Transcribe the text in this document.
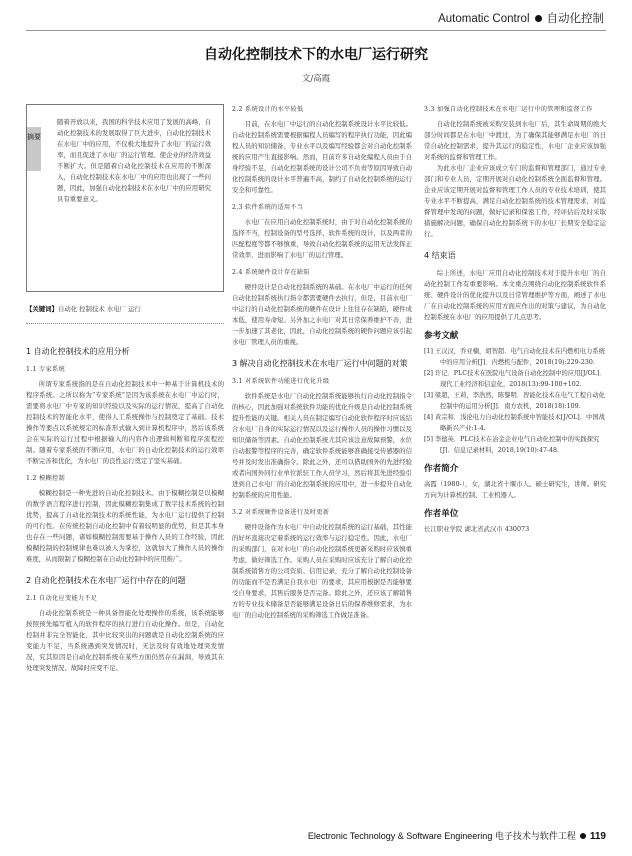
Automatic Control 自动化控制
自动化控制技术下的水电厂运行研究
文/高霞
摘要
随着开放以来，我国的科学技术应用了发展的高峰，自动化控制技术的发展取得了巨大进步，自动化控制技术在水电厂中的应用，不仅极大地提升了水电厂的运行效率，而且促进了水电厂的运行管理。使企业的经济效益不断扩大。但是随着自动化控制技术在应用的不断深入，自动化控制技术在水电厂中的应用也出现了一些问题，因此，加强自动化控制技术在水电厂中的应用研究具有重要意义。
【关键词】自动化 控制技术 水电厂 运行
1 自动化控制技术的应用分析
1.1 专家系统

所谓专家系统指的是在自动化控制技术中一种基于计算机技术的程序系统。之所以称为“专家系统”是因为该系统在水电厂中运行时，需要将水电厂中专家的知识经验以及实际的运行情况，提高了自动化控制技术的智能化水平，使得人工系统操作与控制奠定了基础。技术操作等要点以系统规定的标准形式输入到计算机程序中，然后该系统会在实际的运行过程中根据输入的内容作出逻辑判断和程序流程控制。随着专家系统的不断应用，水电厂的自动化控制技术的运行效率不断完善和优化，为水电厂的良性运行奠定了坚实基础。

1.2 模糊控制

模糊控制是一种先进的自动化控制技术。由于模糊控制是以模糊的数学语言程序进行控制，因此模糊控制集成了数字技术系统的控制优势，提高了自动化控制技术的系统性能，为水电厂运行提供了控制的可行性。在传统控制自动化控制中有着较明显的优势，但是其本身也存在一些问题，诸如模糊控制需要基于操作人员的工作经验，因此模糊控制的控制规律也难以被人为掌控，这就加大了操作人员的操作难度，从而限制了模糊控制在自动化控制中的应用推广。

2 自动化控制技术在水电厂运行中存在的问题
2.1 自动化应变能力不足

自动化控制系统是一种具备智能化处理操作的系统，该系统能够按照预先编写植入的软件程序的执行进行自动化操作。但是，自动化控制并非完全智能化，其中比较突出的问题就是自动化控制系统的应变能力不足，当系统遇到突发情况时，无法及时有效地处理突发情况，究其原因是自动化控制系统在某些方面仍然存在漏洞，导致其在处理突发情况、故障时应变不足。

2.2 系统设计的水平较低

目前，在水电厂中运行的自动化控制系统设计水平比较低。自动化控制系统需要根据编程人员编写的程序执行功能，因此编程人员的知识储备、专业水平以及编写经验都会对自动化控制系统的应用产生直接影响。然而，目前许多自动化编程人员由于自身经验不足，自动化控制系统的设计公司不负责等原因导致自动化控制系统的设计水平普遍不高，制约了自动化控制系统的运行安全和可靠性。

2.3 软件系统的适用不当

水电厂在应用自动化控制系统时，由于对自动化控制系统的选择不当，控制设备的型号选择、软件系统的设计，以及两者的匹配程度等都不够慎重，导致自动化控制系统的运用无法发挥正常效率，进而影响了水电厂的运行管理。

2.4 系统硬件设计存在缺陷

硬件设计是自动化控制系统的基础。在水电厂中运行的任何自动化控制系统执行指令都需要硬件去执行，但是，目前水电厂中运行的自动化控制系统的硬件在设计上往往存在缺陷，硬件成本低，使用寿命短。另外加之水电厂对其日常保养维护不善，进一步加速了其老化，因此，自动化控制系统的硬件问题应该引起水电厂管理人员的重视。

3 解决自动化控制技术在水电厂运行中问题的对策
3.1 对系统软件功能进行优化升级

软件系统是水电厂自动化控制系统能够执行自动化控制指令的核心，因此加强对系统软件功能的优化升级是自动化控制系统提升性能的关键。相关人员在制定编写自动化软件程序时应该结合水电厂自身的实际运行情况以及运行操作人员的操作习惯以及知识储备等因素。自动化控制系统尤其应该注意故障预警，水位自动报警等程序的完善，确定软件系统能够准确接受传感器的信号并及时发出准确指令。除此之外，还可以借助国外的先进经验或者向国外同行业单位派驻工作人员学习，然后将其先进经验引进到自己水电厂的自动化控制系统的应用中，进一步提升自动化控制系统的应用性能。

3.2 对系统硬件设备进行及时更新

硬件设备作为水电厂中自动化控制系统的运行基础，其性能的好坏直接决定着系统的运行效率与运行稳定性。因此，水电厂的采购部门，在对水电厂的自动化控制系统更新采购时应该慎重考虑，做好筛选工作。采购人员在采购时应该充分了解自动化控制系统销售方的公司资质、信用记录，充分了解自动化控制设备的功能而不是否满足自我水电厂的要求，其应用根据是否能够要受自身要求，其售后服务是否完备。除此之外，还应该了解销售方的专业技术储备是否能够满足设备日后的保养维修需求，为水电厂的自动化控制系统的采购筛选工作做足准备。

3.3 加强自动化控制技术在水电厂运行中的管理和监督工作

自动化控制系统被采购安装到水电厂后，其生命周期的绝大部分时间都是在水电厂中渡过，为了确保其能够满足水电厂的日常自动化控制需求，提升其运行的稳定性，水电厂企业应该加强对系统的监督和管理工作。

为此水电厂企业应该成立专门的监督和管理部门，通过专业部门和专业人员，定期开展对自动化控制系统全面监督和管理。企业应该定期开展对监督和管理工作人员的专业技术培训，使其专业水平不断提高，满足自动化控制系统的技术管理需求，对监督管理中发现的问题，做好记录和保密工作，经评估后及时采取措施解决问题，确保自动化控制系统下的水电厂长期安全稳定运行。

4 结束语

综上所述，水电厂应用自动化控制技术对于提升水电厂的自动化控制工作有重要影响。本文重点围绕自动化控制系统软件系统、硬件设计的优化提升以及日常管理维护等方面，阐述了水电厂在自动化控制系统的应用方面应作出的对策与建议，为自动化控制系统在水电厂的应用提供了几点思考。

参考文献

[1] 王汉汉，乔亚楠，胡智超．电气自动化技术在内燃机电力系统中的应用分析[J]．内燃机与配件，2018(19):229-230.

[2] 许记．PLC技术在医院电气设备自动化控制中的应用[J/OL]．现代工业经济和信息化，2018(13):99-100+102.

[3] 梁超，王莉，李浩然，陈黎明．智能化技术在电气工程自动化控制中的运用分析[J]．南方农机，2018(18):109.

[4] 黄宗和．浅论电力自动化控制系统中智能技术[J/OL]．中国战略新兴产业:1-4.

[5] 李德英．PLC技术在冶金企业电气自动化控制中的实践探究[J]．信息记录材料，2018,19(10):47-48.

作者简介

高霞（1980-），女，湖北省十堰市人。硕士研究生，讲师。研究方向为计算机控制、工业机器人。

作者单位

长江职业学院 湖北省武汉市 430073

Electronic Technology & Software Engineering 电子技术与软件工程 119
